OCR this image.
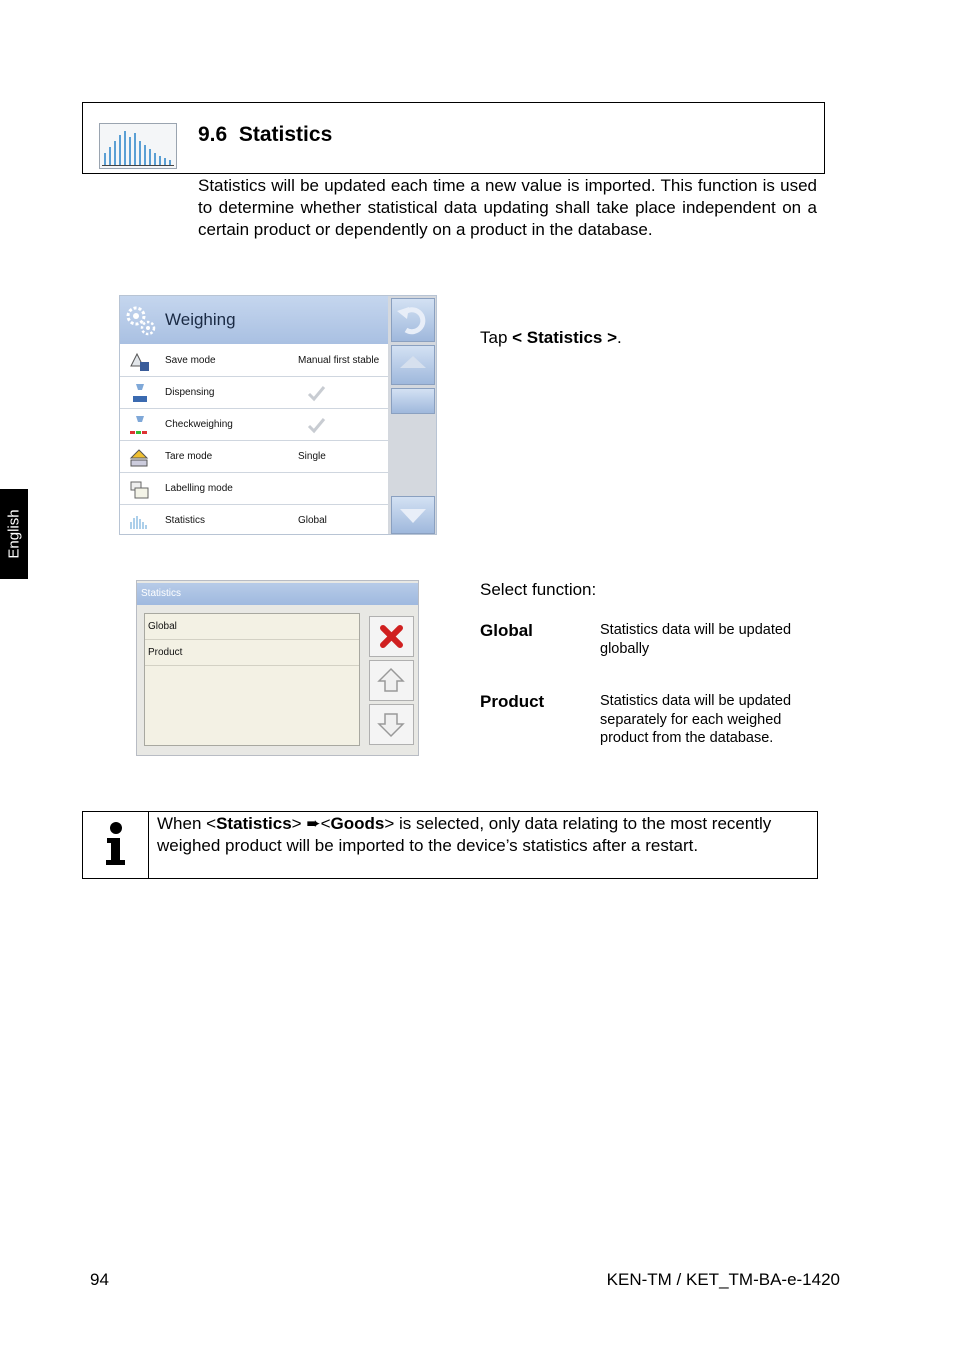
English
9.6 Statistics
Statistics will be updated each time a new value is imported. This function is used to determine whether statistical data updating shall take place independent on a certain product or dependently on a product in the database.
Weighing
Save mode	Manual first stable
Dispensing
Checkweighing
Tare mode	Single
Labelling mode
Statistics	Global
Tap < Statistics >.
Statistics
Global
Product
Select function:
Global	Statistics data will be updated globally
Product	Statistics data will be updated separately for each weighed product from the database.
When <Statistics> ➨<Goods> is selected, only data relating to the most recently weighed product will be imported to the device’s statistics after a restart.
94	KEN-TM / KET_TM-BA-e-1420
